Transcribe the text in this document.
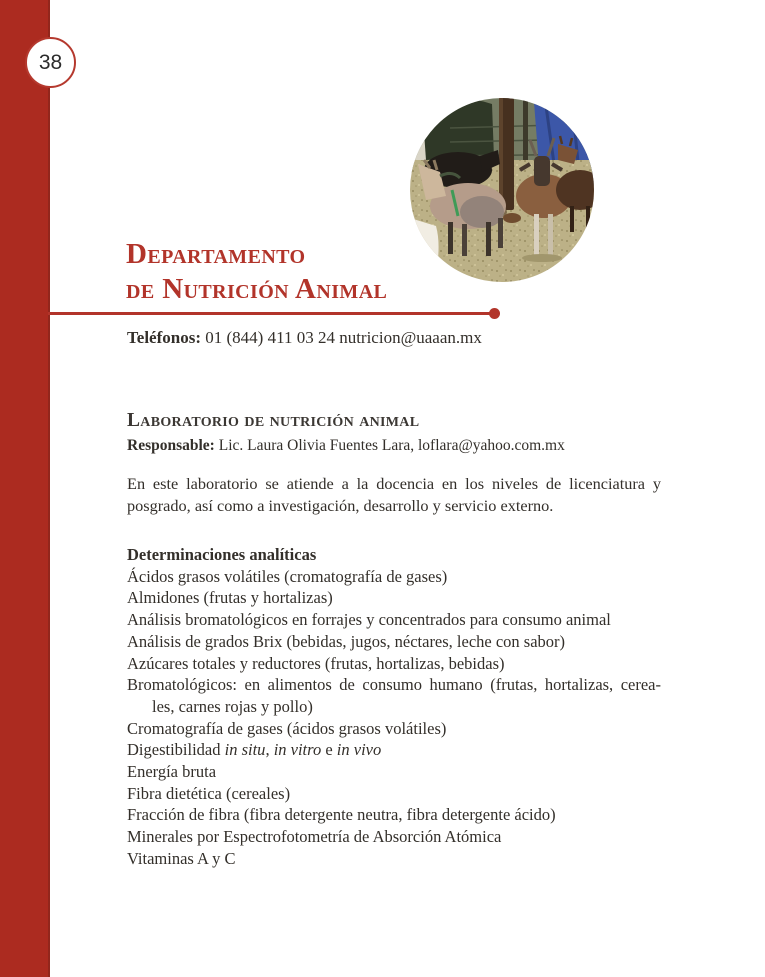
38
Departamento
de Nutrición Animal

Teléfonos: 01 (844) 411 03 24 nutricion@uaaan.mx

Laboratorio de nutrición animal

Responsable: Lic. Laura Olivia Fuentes Lara, loflara@yahoo.com.mx

En este laboratorio se atiende a la docencia en los niveles de licenciatura y
posgrado, así como a investigación, desarrollo y servicio externo.

Determinaciones analíticas
Ácidos grasos volátiles (cromatografía de gases)
Almidones (frutas y hortalizas)
Análisis bromatológicos en forrajes y concentrados para consumo animal
Análisis de grados Brix (bebidas, jugos, néctares, leche con sabor)
Azúcares totales y reductores (frutas, hortalizas, bebidas)
Bromatológicos: en alimentos de consumo humano (frutas, hortalizas, cerea-
les, carnes rojas y pollo)
Cromatografía de gases (ácidos grasos volátiles)
Digestibilidad in situ, in vitro e in vivo
Energía bruta
Fibra dietética (cereales)
Fracción de fibra (fibra detergente neutra, fibra detergente ácido)
Minerales por Espectrofotometría de Absorción Atómica
Vitaminas A y C
